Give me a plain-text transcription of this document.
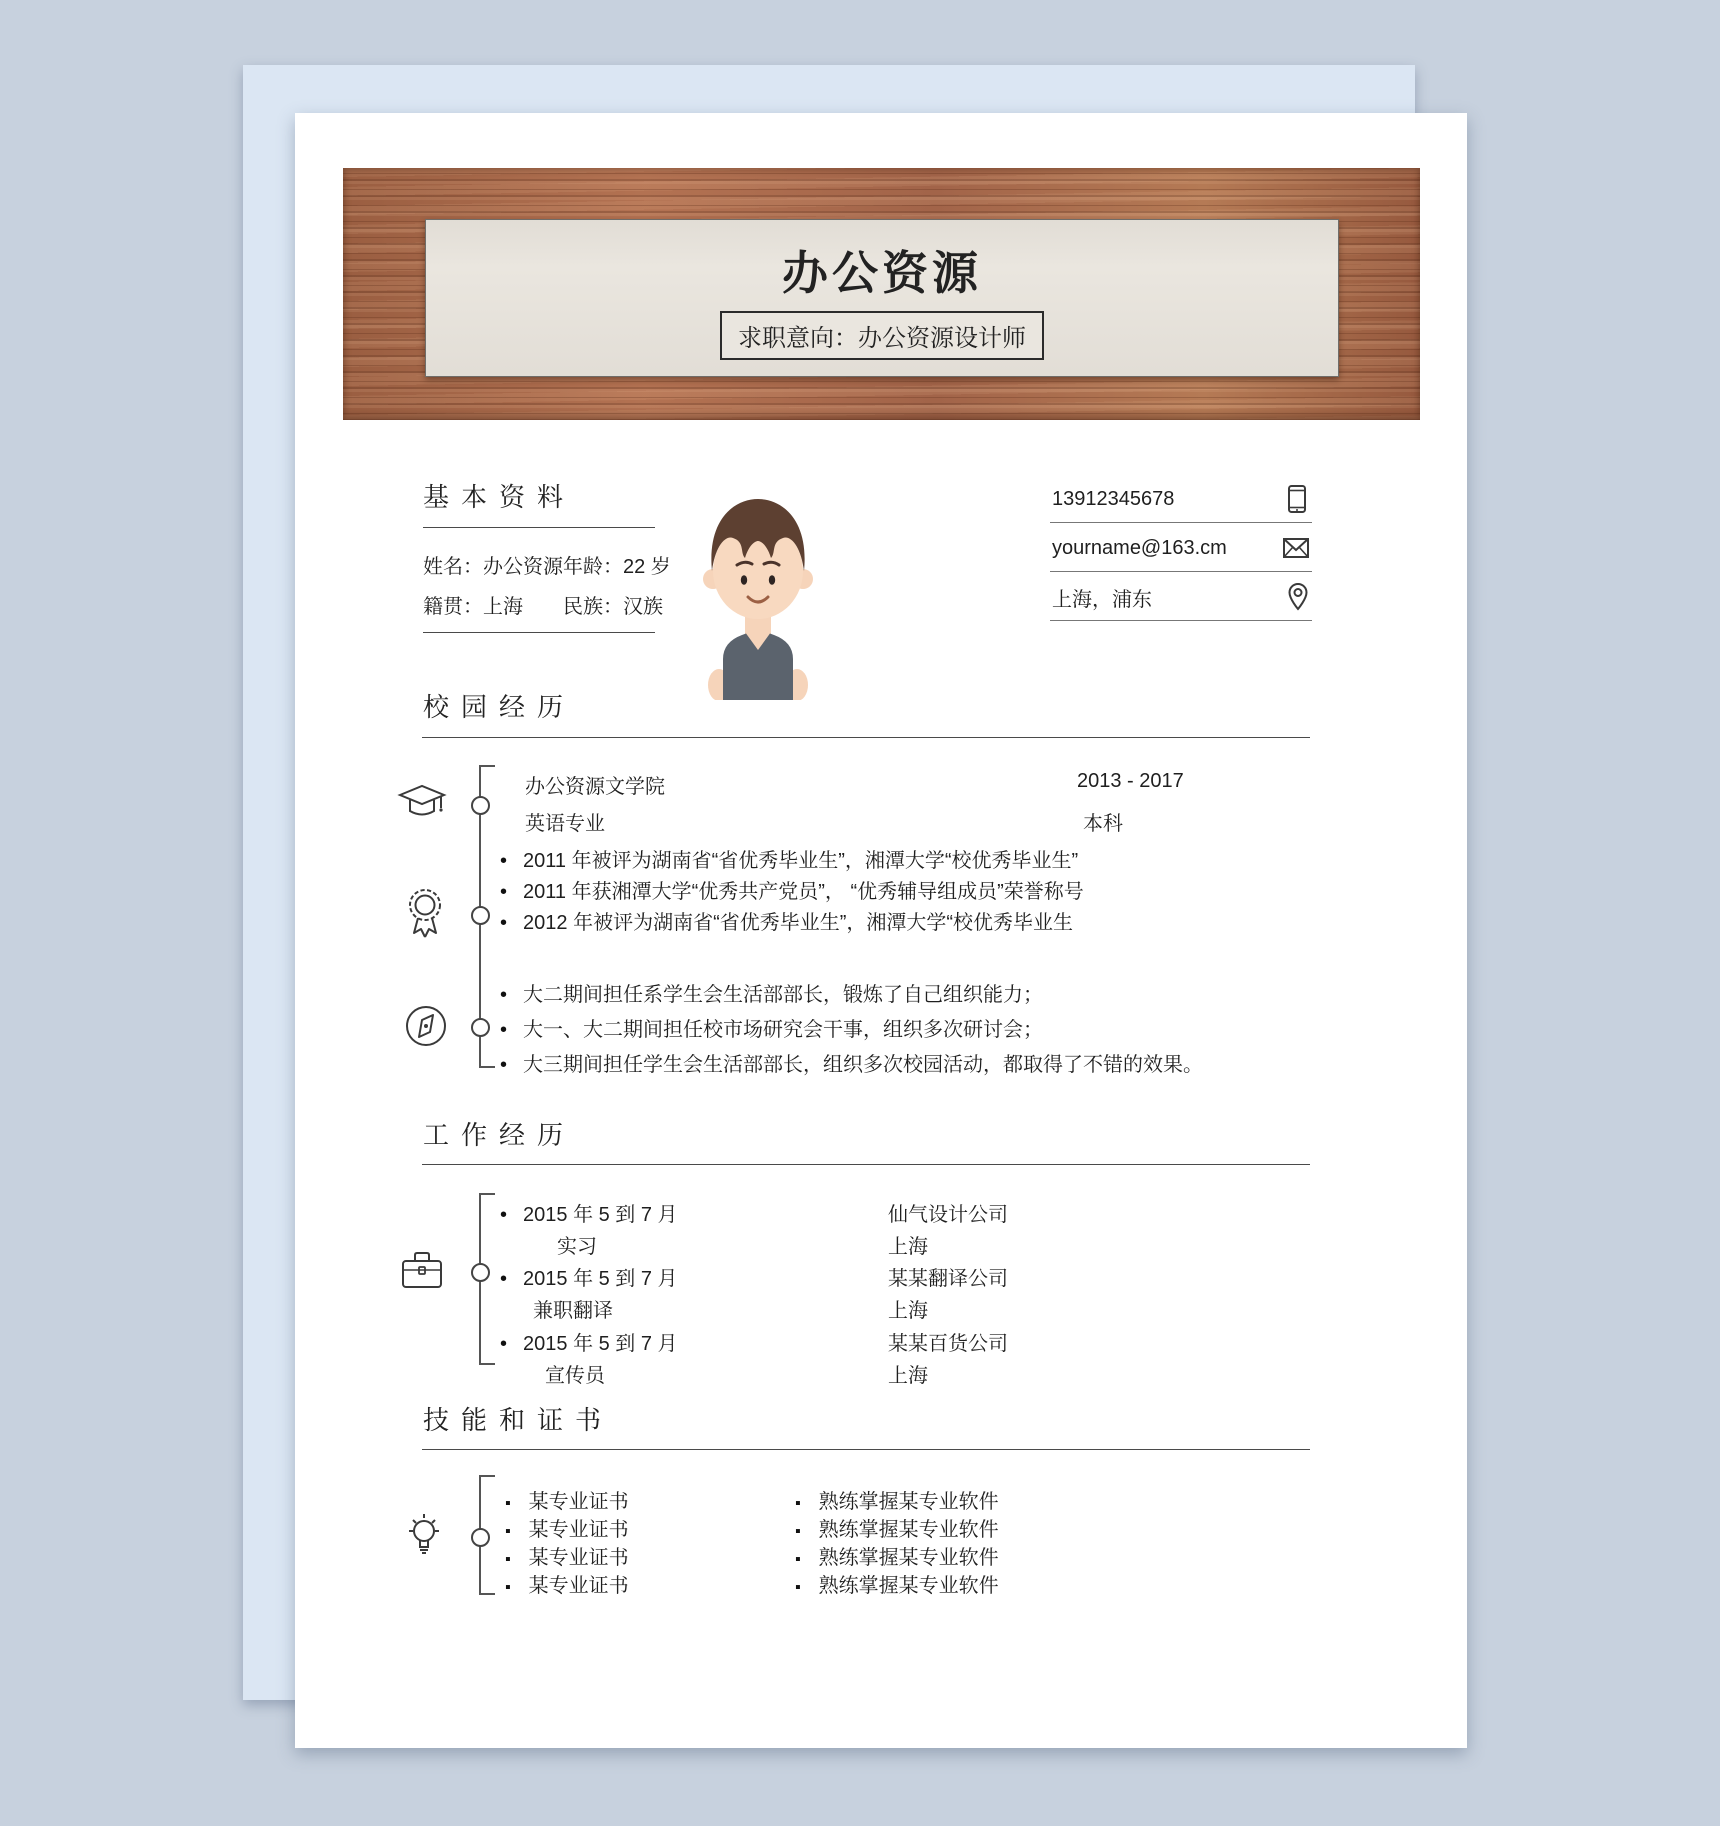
办公资源
求职意向：办公资源设计师
基本资料
姓名：办公资源 年龄：22 岁
籍贯：上海 民族：汉族
13912345678
yourname@163.cm
上海，浦东
校园经历
办公资源文学院
英语专业
2013 - 2017
本科
• 2011 年被评为湖南省“省优秀毕业生”，湘潭大学“校优秀毕业生”
• 2011 年获湘潭大学“优秀共产党员”， “优秀辅导组成员”荣誉称号
• 2012 年被评为湖南省“省优秀毕业生”，湘潭大学“校优秀毕业生
• 大二期间担任系学生会生活部部长，锻炼了自己组织能力；
• 大一、大二期间担任校市场研究会干事，组织多次研讨会；
• 大三期间担任学生会生活部部长，组织多次校园活动，都取得了不错的效果。
工作经历
• 2015 年 5 到 7 月
实习
仙气设计公司
上海
• 2015 年 5 到 7 月
兼职翻译
某某翻译公司
上海
• 2015 年 5 到 7 月
宣传员
某某百货公司
上海
技能和证书
▪ 某专业证书
▪ 某专业证书
▪ 某专业证书
▪ 某专业证书
▪ 熟练掌握某专业软件
▪ 熟练掌握某专业软件
▪ 熟练掌握某专业软件
▪ 熟练掌握某专业软件
